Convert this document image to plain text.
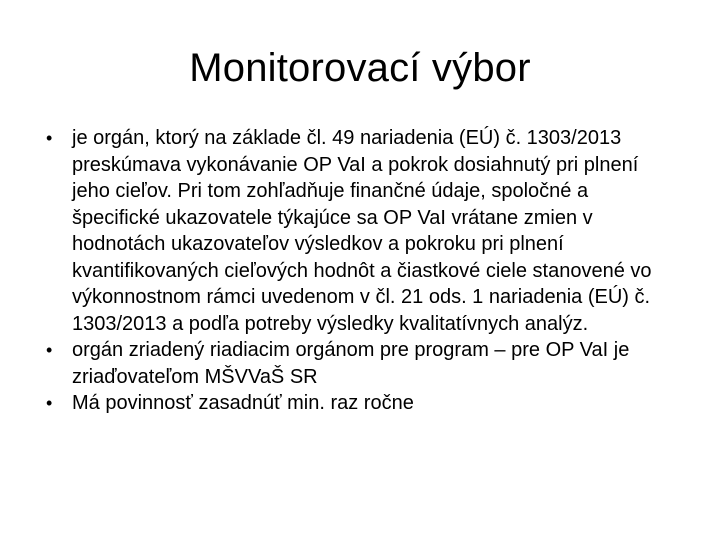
Monitorovací výbor
• je orgán, ktorý na základe čl. 49 nariadenia (EÚ) č. 1303/2013 preskúmava vykonávanie OP VaI a pokrok dosiahnutý pri plnení jeho cieľov. Pri tom zohľadňuje finančné údaje, spoločné a špecifické ukazovatele týkajúce sa OP VaI vrátane zmien v hodnotách ukazovateľov výsledkov a pokroku pri plnení kvantifikovaných cieľových hodnôt a čiastkové ciele stanovené vo výkonnostnom rámci uvedenom v čl. 21 ods. 1 nariadenia (EÚ) č. 1303/2013 a podľa potreby výsledky kvalitatívnych analýz.
• orgán zriadený riadiacim orgánom pre program – pre OP VaI je zriaďovateľom MŠVVaŠ SR
• Má povinnosť zasadnúť min. raz ročne
